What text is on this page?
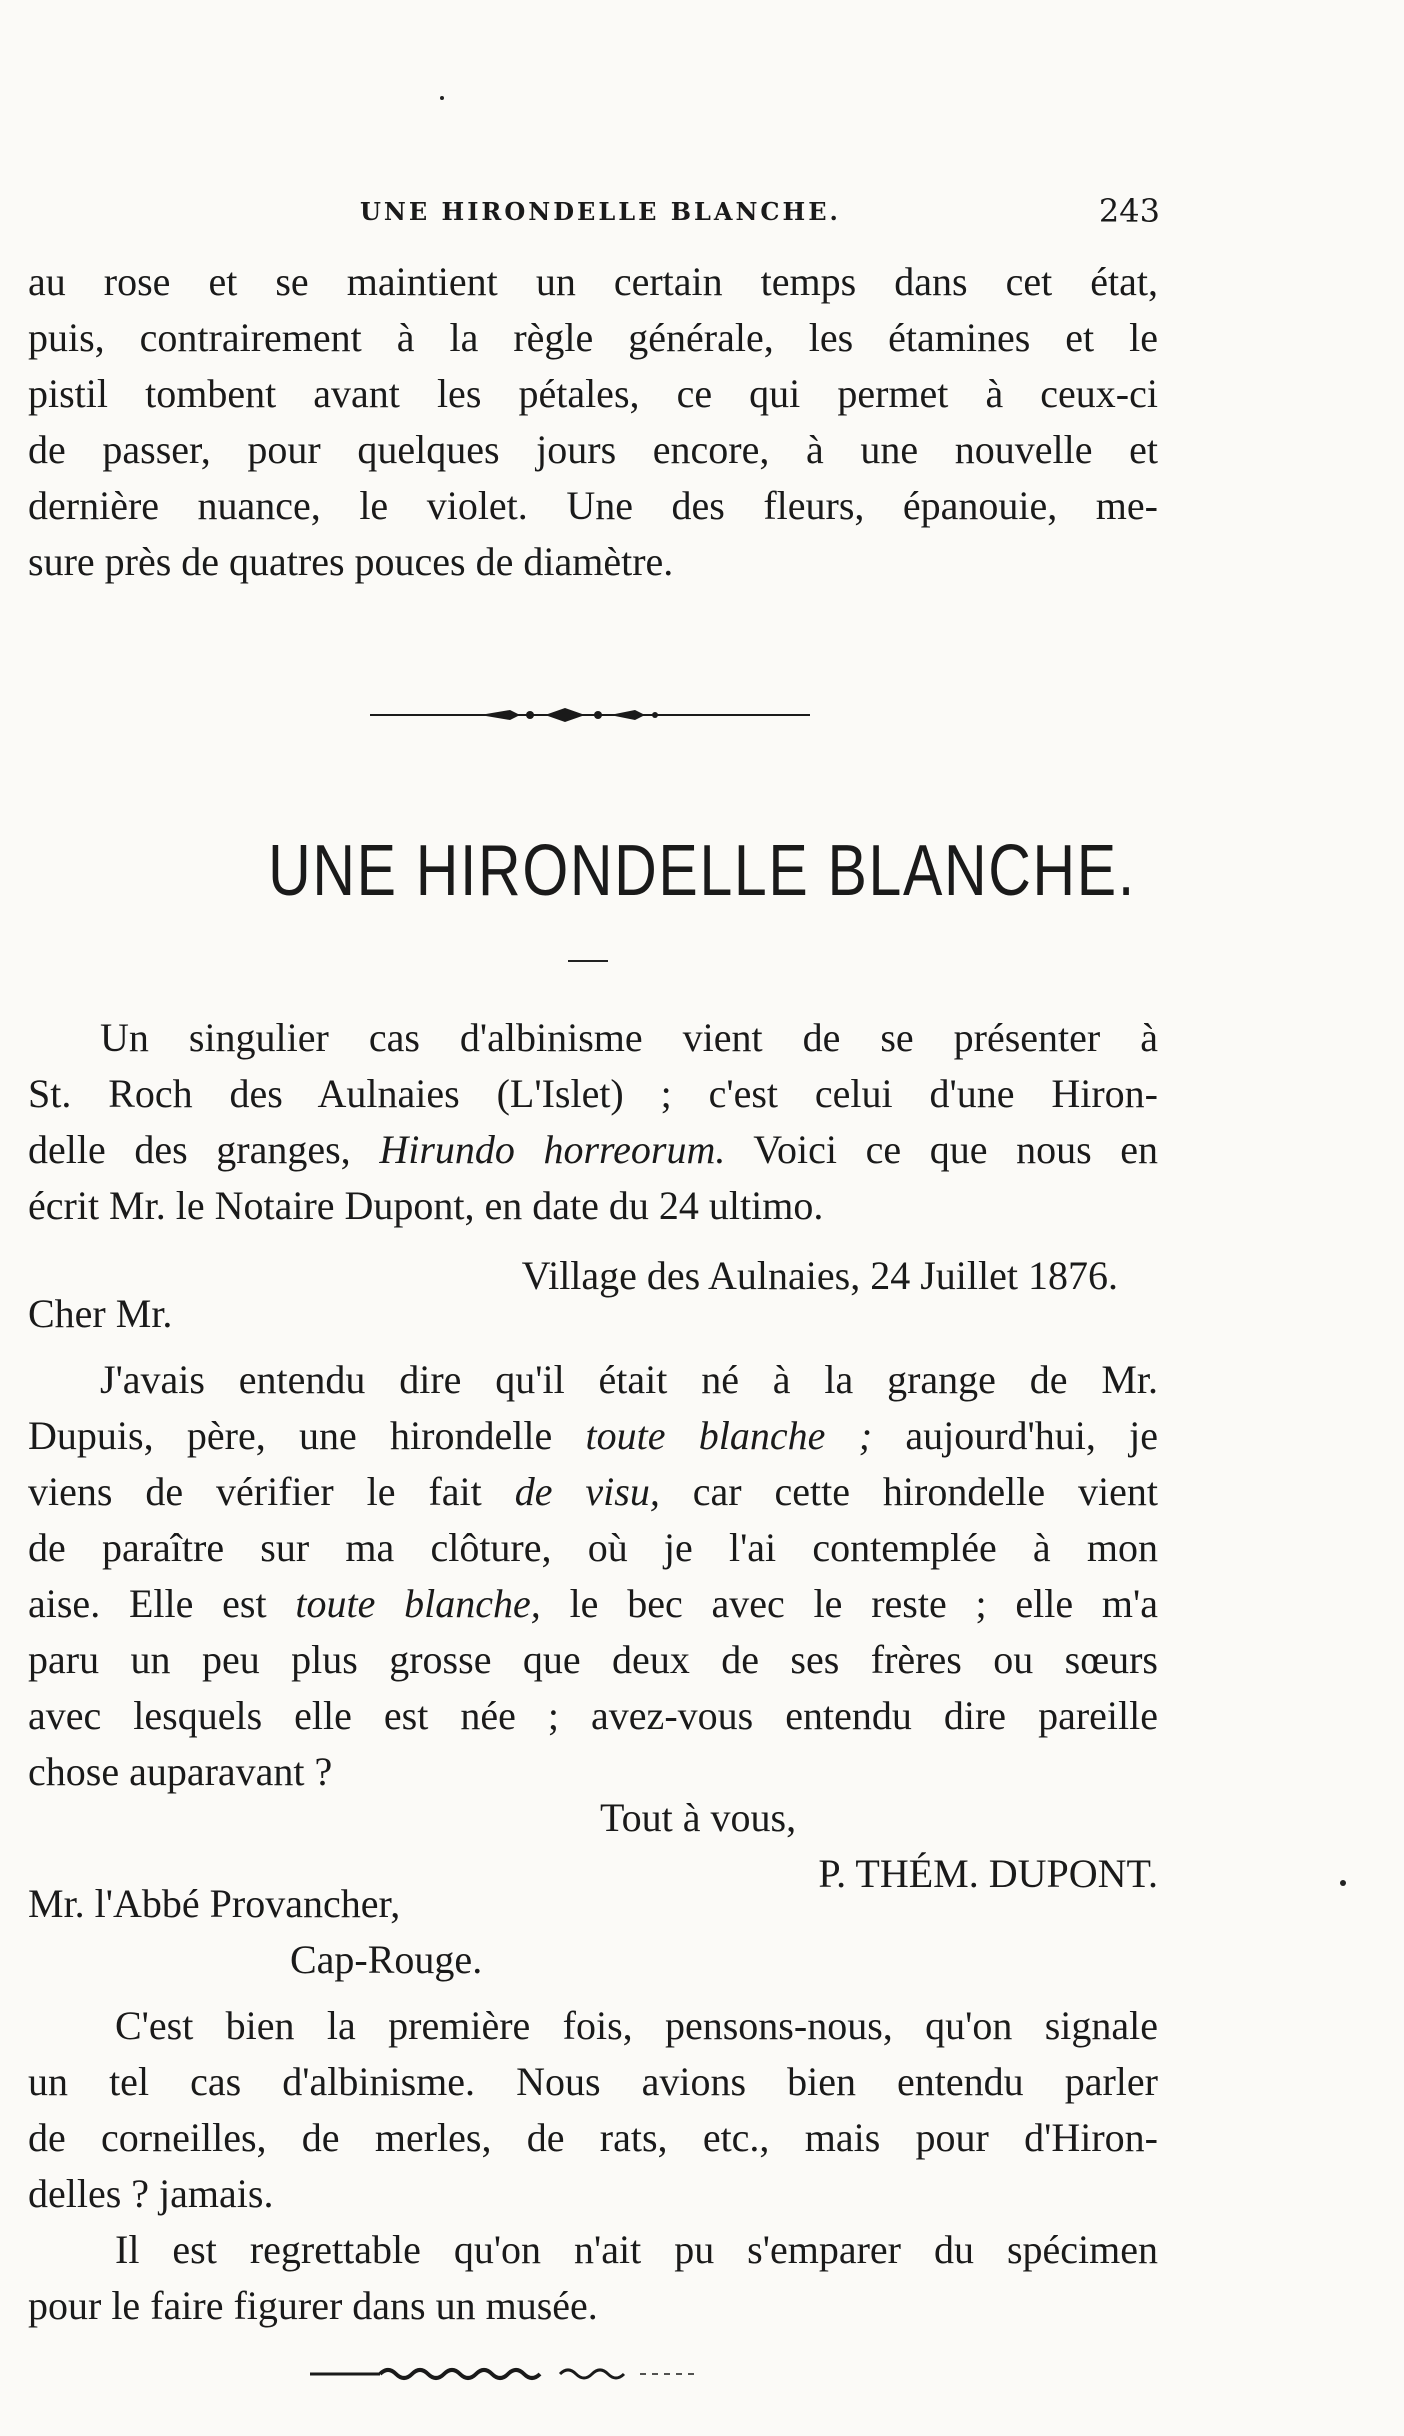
UNE HIRONDELLE BLANCHE.	243
au rose et se maintient un certain temps dans cet état,
puis, contrairement à la règle générale, les étamines et le
pistil tombent avant les pétales, ce qui permet à ceux-ci
de passer, pour quelques jours encore, à une nouvelle et
dernière nuance, le violet. Une des fleurs, épanouie, me-
sure près de quatres pouces de diamètre.
UNE HIRONDELLE BLANCHE.
Un singulier cas d'albinisme vient de se présenter à
St. Roch des Aulnaies (L'Islet) ; c'est celui d'une Hiron-
delle des granges, Hirundo horreorum. Voici ce que nous en
écrit Mr. le Notaire Dupont, en date du 24 ultimo.
Village des Aulnaies, 24 Juillet 1876.
Cher Mr.
J'avais entendu dire qu'il était né à la grange de Mr.
Dupuis, père, une hirondelle toute blanche ; aujourd'hui, je
viens de vérifier le fait de visu, car cette hirondelle vient
de paraître sur ma clôture, où je l'ai contemplée à mon
aise. Elle est toute blanche, le bec avec le reste ; elle m'a
paru un peu plus grosse que deux de ses frères ou sœurs
avec lesquels elle est née ; avez-vous entendu dire pareille
chose auparavant ?
Tout à vous,
P. THÉM. DUPONT.
Mr. l'Abbé Provancher,
Cap-Rouge.
C'est bien la première fois, pensons-nous, qu'on signale
un tel cas d'albinisme. Nous avions bien entendu parler
de corneilles, de merles, de rats, etc., mais pour d'Hiron-
delles ? jamais.
Il est regrettable qu'on n'ait pu s'emparer du spécimen
pour le faire figurer dans un musée.
